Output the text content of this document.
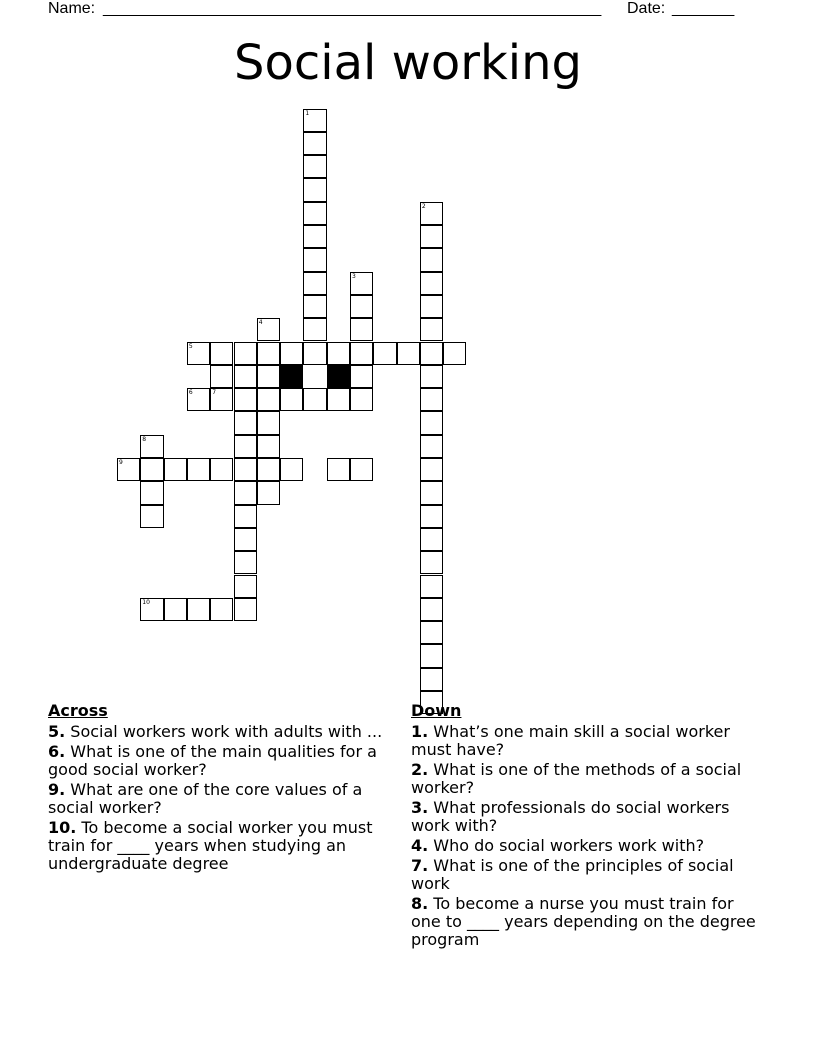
Name:

________________________________________________________

Date:

_______

Social working
1
2
3
4
5
6	7
8
9
10
Across
5. Social workers work with adults with ...
6. What is one of the main qualities for a good social worker?
9. What are one of the core values of a social worker?
10. To become a social worker you must train for ____ years when studying an undergraduate degree
Down
1. What’s one main skill a social worker must have?
2. What is one of the methods of a social worker?
3. What professionals do social workers work with?
4. Who do social workers work with?
7. What is one of the principles of social work
8. To become a nurse you must train for one to ____ years depending on the degree program
